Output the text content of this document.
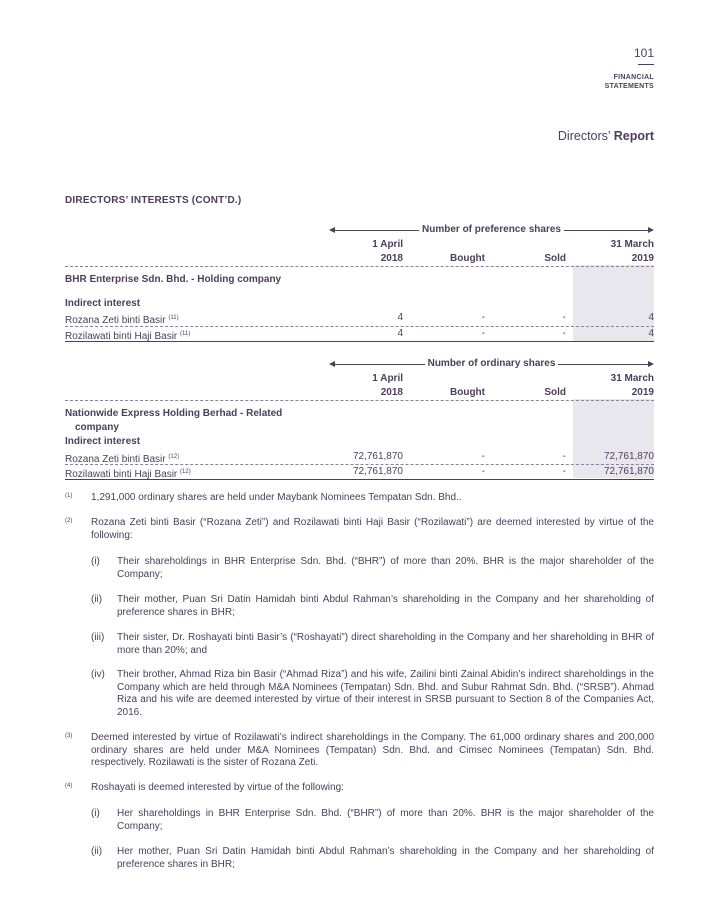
101
FINANCIAL
STATEMENTS
Directors’ Report
DIRECTORS’ INTERESTS (CONT’D.)
Number of preference shares
1 April	31 March
2018	Bought	Sold	2019
BHR Enterprise Sdn. Bhd. - Holding company
Indirect interest
Rozana Zeti binti Basir $^{(11)}$	4	-	-	4
Rozilawati binti Haji Basir $^{(11)}$	4	-	-	4
Number of ordinary shares
1 April	31 March
2018	Bought	Sold	2019
Nationwide Express Holding Berhad - Related
company
Indirect interest
Rozana Zeti binti Basir $^{(12)}$	72,761,870	-	-	72,761,870
Rozilawati binti Haji Basir $^{(12)}$	72,761,870	-	-	72,761,870
(1) 1,291,000 ordinary shares are held under Maybank Nominees Tempatan Sdn. Bhd..
(2) Rozana Zeti binti Basir (“Rozana Zeti”) and Rozilawati binti Haji Basir (“Rozilawati”) are deemed interested by virtue of the following:
(i) Their shareholdings in BHR Enterprise Sdn. Bhd. (“BHR”) of more than 20%. BHR is the major shareholder of the Company;
(ii) Their mother, Puan Sri Datin Hamidah binti Abdul Rahman’s shareholding in the Company and her shareholding of preference shares in BHR;
(iii) Their sister, Dr. Roshayati binti Basir’s (“Roshayati”) direct shareholding in the Company and her shareholding in BHR of more than 20%; and
(iv) Their brother, Ahmad Riza bin Basir (“Ahmad Riza”) and his wife, Zailini binti Zainal Abidin’s indirect shareholdings in the Company which are held through M&A Nominees (Tempatan) Sdn. Bhd. and Subur Rahmat Sdn. Bhd. (“SRSB”). Ahmad Riza and his wife are deemed interested by virtue of their interest in SRSB pursuant to Section 8 of the Companies Act, 2016.
(3) Deemed interested by virtue of Rozilawati’s indirect shareholdings in the Company. The 61,000 ordinary shares and 200,000 ordinary shares are held under M&A Nominees (Tempatan) Sdn. Bhd. and Cimsec Nominees (Tempatan) Sdn. Bhd. respectively. Rozilawati is the sister of Rozana Zeti.
(4) Roshayati is deemed interested by virtue of the following:
(i) Her shareholdings in BHR Enterprise Sdn. Bhd. (“BHR”) of more than 20%. BHR is the major shareholder of the Company;
(ii) Her mother, Puan Sri Datin Hamidah binti Abdul Rahman’s shareholding in the Company and her shareholding of preference shares in BHR;
